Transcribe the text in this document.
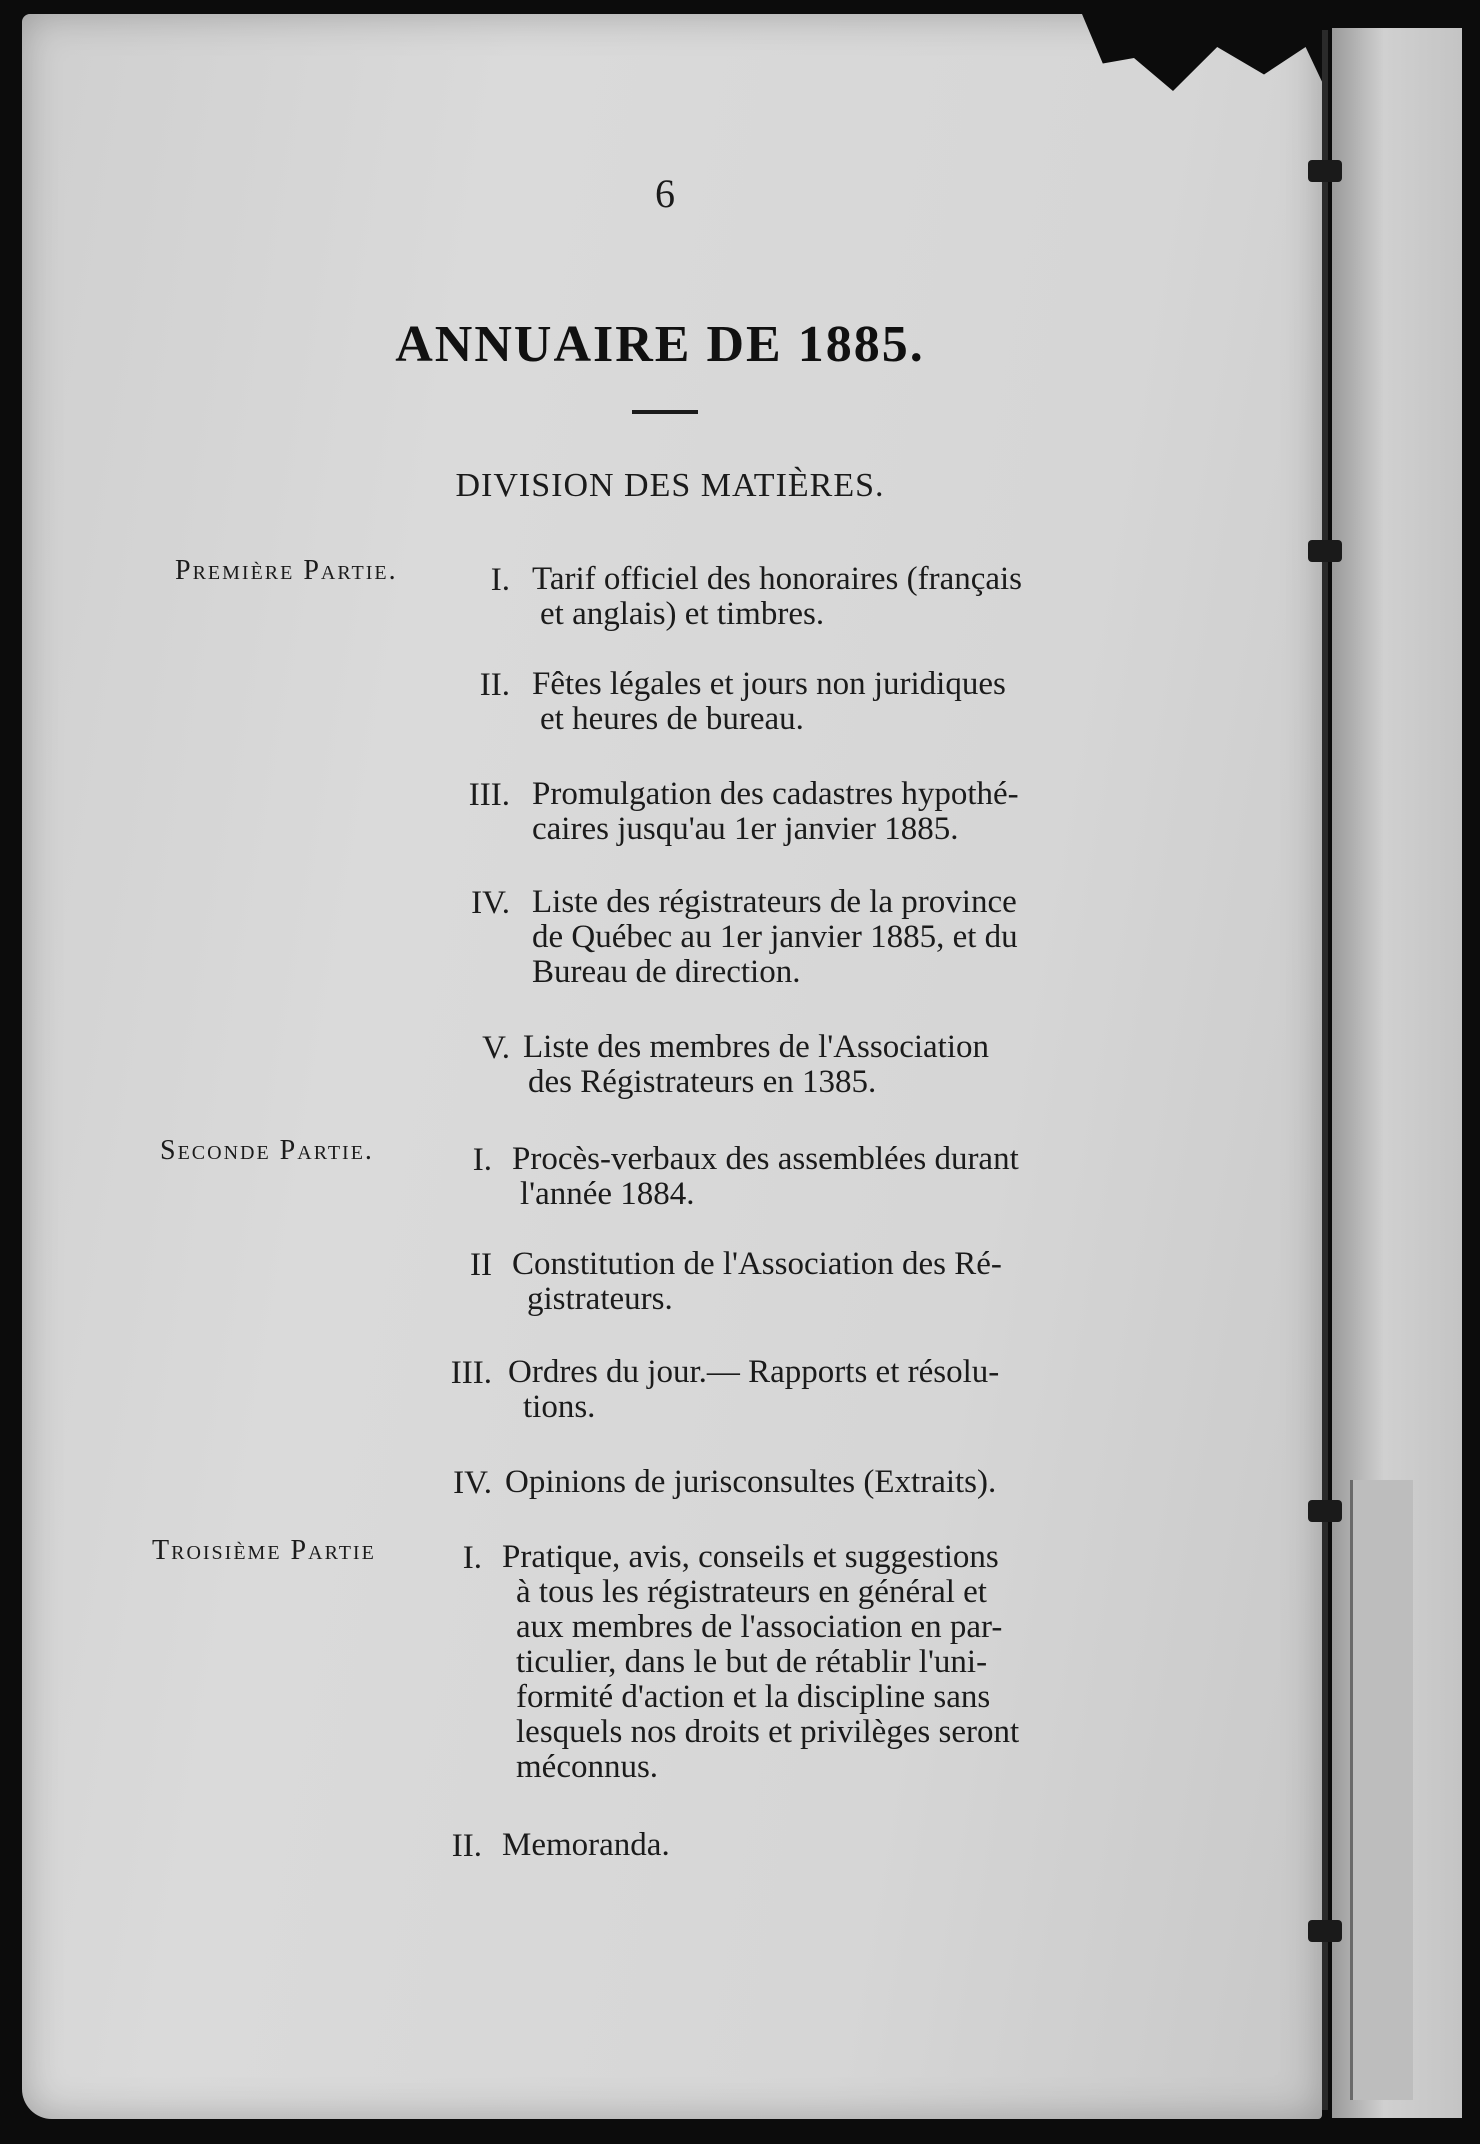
6
ANNUAIRE DE 1885.
DIVISION DES MATIÈRES.
Première Partie.	I. Tarif officiel des honoraires (français
et anglais) et timbres.
II. Fêtes légales et jours non juridiques
et heures de bureau.
III. Promulgation des cadastres hypothé-
caires jusqu'au 1er janvier 1885.
IV. Liste des régistrateurs de la province
de Québec au 1er janvier 1885, et du
Bureau de direction.
V. Liste des membres de l'Association
des Régistrateurs en 1385.
Seconde Partie.	I. Procès-verbaux des assemblées durant
l'année 1884.
II Constitution de l'Association des Ré-
gistrateurs.
III. Ordres du jour.— Rapports et résolu-
tions.
IV. Opinions de jurisconsultes (Extraits).
Troisième Partie	I. Pratique, avis, conseils et suggestions
à tous les régistrateurs en général et
aux membres de l'association en par-
ticulier, dans le but de rétablir l'uni-
formité d'action et la discipline sans
lesquels nos droits et privilèges seront
méconnus.
II. Memoranda.
